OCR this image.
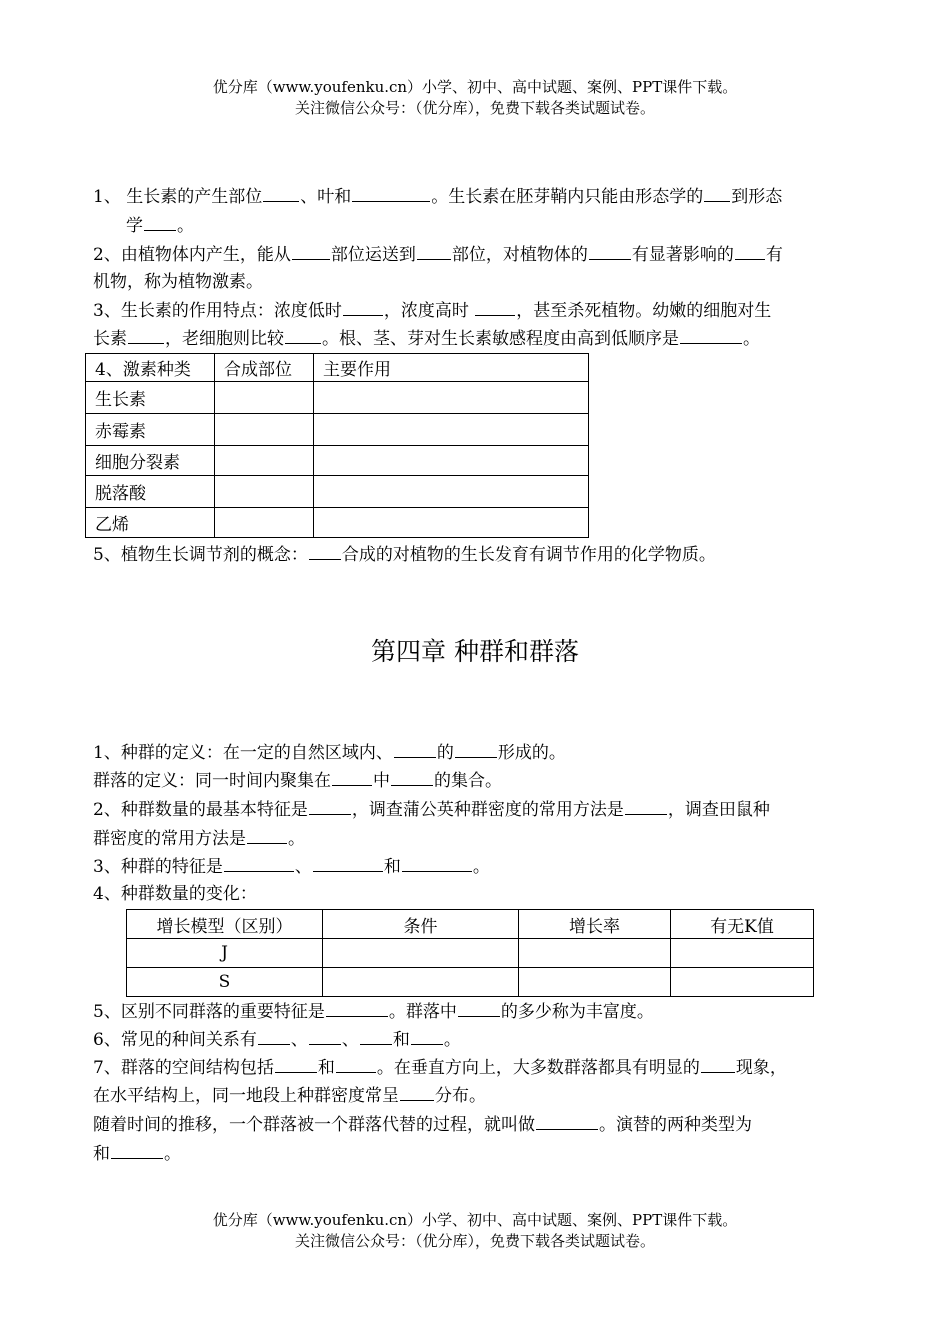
优分库（www.youfenku.cn）小学、初中、高中试题、案例、PPT课件下载。
关注微信公众号：（优分库），免费下载各类试题试卷。
1、 生长素的产生部位 、叶和	。生长素在胚芽鞘内只能由形态学的 到形态
学 。
2、由植物体内产生，能从 部位运送到 部位，对植物体的	有显著影响的 有
机物，称为植物激素。
3、生长素的作用特点：浓度低时 ，浓度高时 ，甚至杀死植物。幼嫩的细胞对生
长素 ，老细胞则比较 。根、茎、芽对生长素敏感程度由高到低顺序是	。
4、激素种类	合成部位	主要作用
生长素		
赤霉素		
细胞分裂素		
脱落酸		
乙烯		
5、植物生长调节剂的概念： 合成的对植物的生长发育有调节作用的化学物质。
第四章 种群和群落
1、种群的定义：在一定的自然区域内、	的	形成的。
群落的定义：同一时间内聚集在 中	的集合。
2、种群数量的最基本特征是	，调查蒲公英种群密度的常用方法是	，调查田鼠种
群密度的常用方法是 。
3、种群的特征是	、	和	。
4、种群数量的变化：
增长模型（区别）	条件	增长率	有无K值
J			
S			
5、区别不同群落的重要特征是	。群落中	的多少称为丰富度。
6、常见的种间关系有 、 、 和 。
7、群落的空间结构包括	和 。在垂直方向上，大多数群落都具有明显的 现象，
在水平结构上，同一地段上种群密度常呈 分布。
随着时间的推移，一个群落被一个群落代替的过程，就叫做	。演替的两种类型为
和	。
优分库（www.youfenku.cn）小学、初中、高中试题、案例、PPT课件下载。
关注微信公众号：（优分库），免费下载各类试题试卷。
